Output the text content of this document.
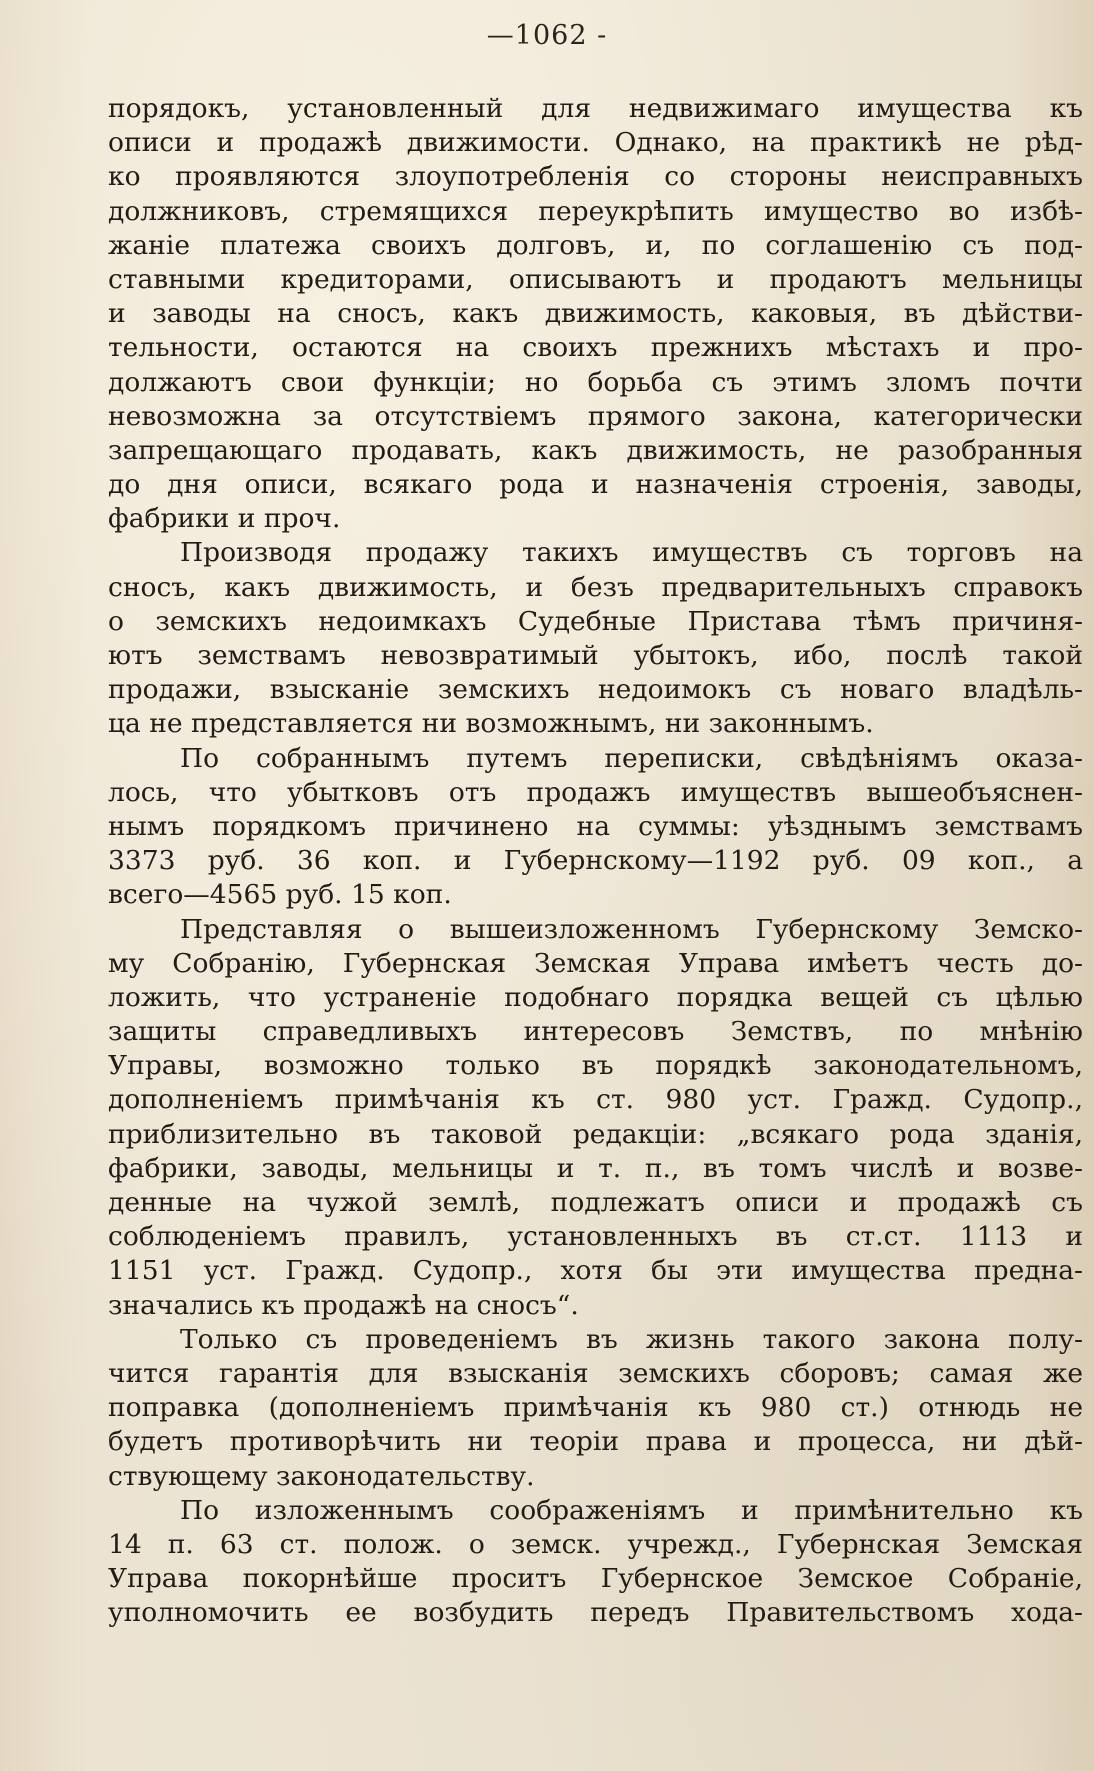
—1062 -
порядокъ, установленный для недвижимаго имущества къ
описи и продажѣ движимости. Однако, на практикѣ не рѣд-
ко проявляются злоупотребленія со стороны неисправныхъ
должниковъ, стремящихся переукрѣпить имущество во избѣ-
жаніе платежа своихъ долговъ, и, по соглашенію съ под-
ставными кредиторами, описываютъ и продаютъ мельницы
и заводы на сносъ, какъ движимость, каковыя, въ дѣйстви-
тельности, остаются на своихъ прежнихъ мѣстахъ и про-
должаютъ свои функціи; но борьба съ этимъ зломъ почти
невозможна за отсутствіемъ прямого закона, категорически
запрещающаго продавать, какъ движимость, не разобранныя
до дня описи, всякаго рода и назначенія строенія, заводы,
фабрики и проч.
Производя продажу такихъ имуществъ съ торговъ на
сносъ, какъ движимость, и безъ предварительныхъ справокъ
о земскихъ недоимкахъ Судебные Пристава тѣмъ причиня-
ютъ земствамъ невозвратимый убытокъ, ибо, послѣ такой
продажи, взысканіе земскихъ недоимокъ съ новаго владѣль-
ца не представляется ни возможнымъ, ни законнымъ.
По собраннымъ путемъ переписки, свѣдѣніямъ оказа-
лось, что убытковъ отъ продажъ имуществъ вышеобъяснен-
нымъ порядкомъ причинено на суммы: уѣзднымъ земствамъ
3373 руб. 36 коп. и Губернскому—1192 руб. 09 коп., а
всего—4565 руб. 15 коп.
Представляя о вышеизложенномъ Губернскому Земско-
му Собранію, Губернская Земская Управа имѣетъ честь до-
ложить, что устраненіе подобнаго порядка вещей съ цѣлью
защиты справедливыхъ интересовъ Земствъ, по мнѣнію
Управы, возможно только въ порядкѣ законодательномъ,
дополненіемъ примѣчанія къ ст. 980 уст. Гражд. Судопр.,
приблизительно въ таковой редакціи: „всякаго рода зданія,
фабрики, заводы, мельницы и т. п., въ томъ числѣ и возве-
денные на чужой землѣ, подлежатъ описи и продажѣ съ
соблюденіемъ правилъ, установленныхъ въ ст.ст. 1113 и
1151 уст. Гражд. Судопр., хотя бы эти имущества предна-
значались къ продажѣ на сносъ“.
Только съ проведеніемъ въ жизнь такого закона полу-
чится гарантія для взысканія земскихъ сборовъ; самая же
поправка (дополненіемъ примѣчанія къ 980 ст.) отнюдь не
будетъ противорѣчить ни теоріи права и процесса, ни дѣй-
ствующему законодательству.
По изложеннымъ соображеніямъ и примѣнительно къ
14 п. 63 ст. полож. о земск. учрежд., Губернская Земская
Управа покорнѣйше проситъ Губернское Земское Собраніе,
уполномочить ее возбудить передъ Правительствомъ хода-
